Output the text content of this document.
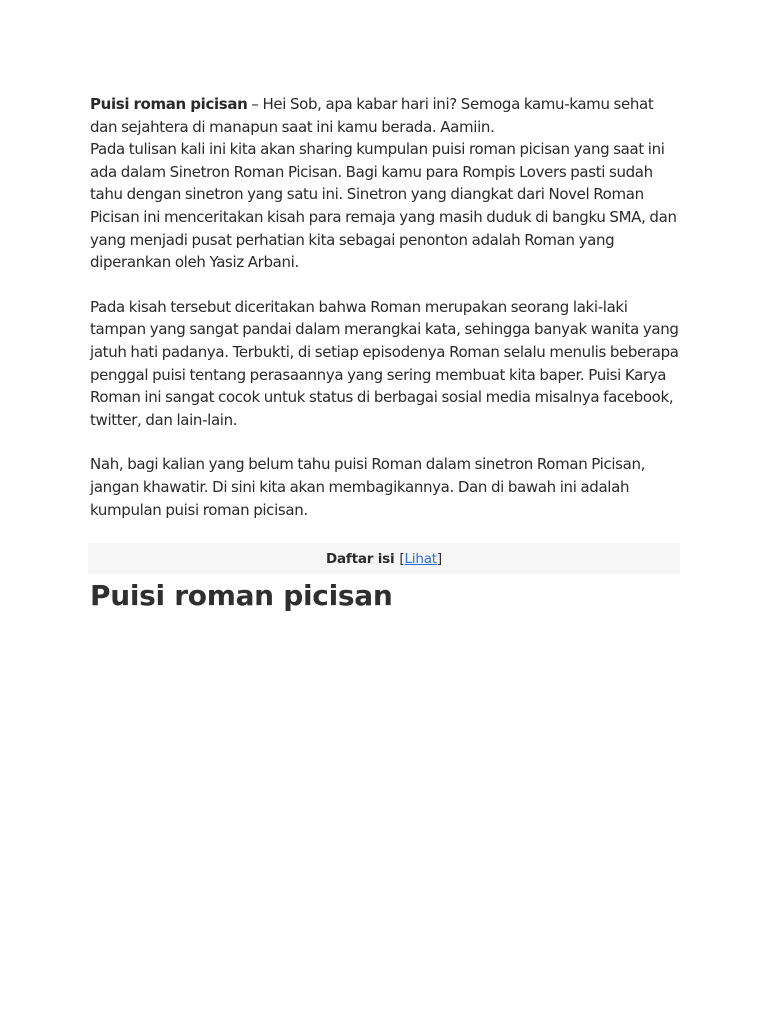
Puisi roman picisan – Hei Sob, apa kabar hari ini? Semoga kamu-kamu sehat dan sejahtera di manapun saat ini kamu berada. Aamiin.
Pada tulisan kali ini kita akan sharing kumpulan puisi roman picisan yang saat ini ada dalam Sinetron Roman Picisan. Bagi kamu para Rompis Lovers pasti sudah tahu dengan sinetron yang satu ini. Sinetron yang diangkat dari Novel Roman Picisan ini menceritakan kisah para remaja yang masih duduk di bangku SMA, dan yang menjadi pusat perhatian kita sebagai penonton adalah Roman yang diperankan oleh Yasiz Arbani.

Pada kisah tersebut diceritakan bahwa Roman merupakan seorang laki-laki tampan yang sangat pandai dalam merangkai kata, sehingga banyak wanita yang jatuh hati padanya. Terbukti, di setiap episodenya Roman selalu menulis beberapa penggal puisi tentang perasaannya yang sering membuat kita baper. Puisi Karya Roman ini sangat cocok untuk status di berbagai sosial media misalnya facebook, twitter, dan lain-lain.

Nah, bagi kalian yang belum tahu puisi Roman dalam sinetron Roman Picisan, jangan khawatir. Di sini kita akan membagikannya. Dan di bawah ini adalah kumpulan puisi roman picisan.

Daftar isi [ Lihat ]
Puisi roman picisan
